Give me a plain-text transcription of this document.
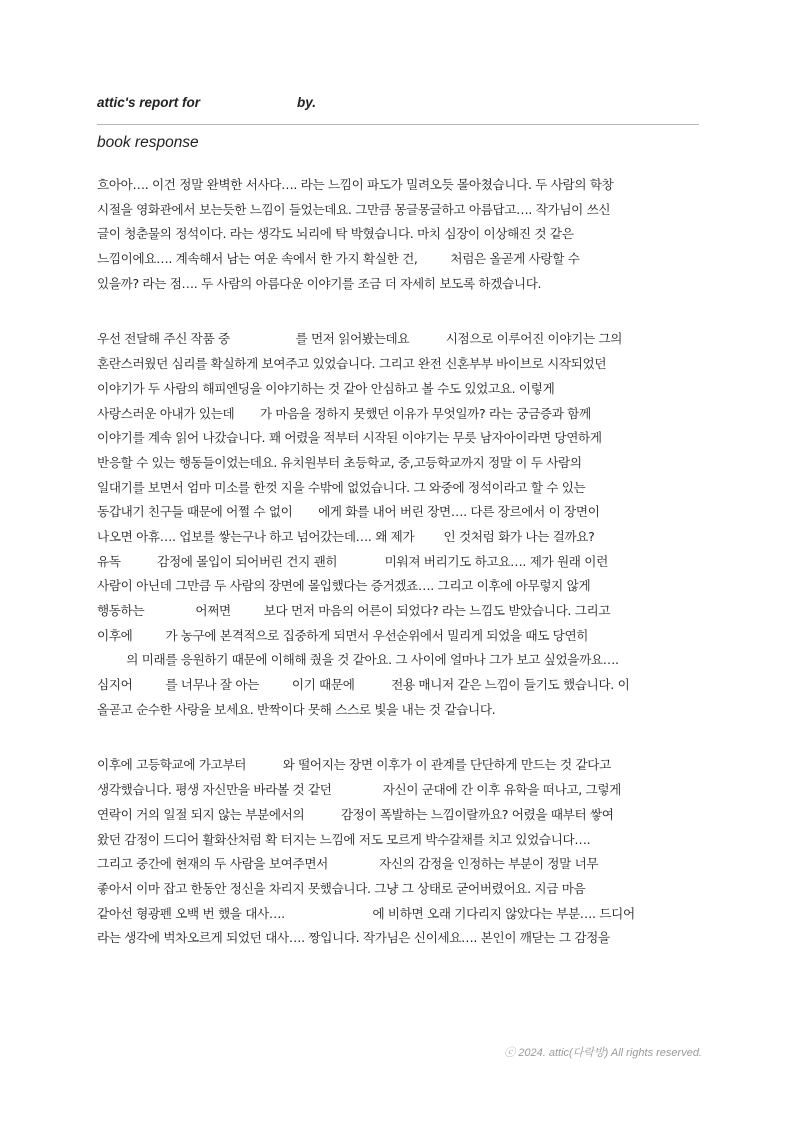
attic's report for	by.
book response
흐아아…. 이건 정말 완벽한 서사다…. 라는 느낌이 파도가 밀려오듯 몰아쳤습니다. 두 사람의 학창
시절을 영화관에서 보는듯한 느낌이 들었는데요. 그만큼 몽글몽글하고 아름답고…. 작가님이 쓰신
글이 청춘물의 정석이다. 라는 생각도 뇌리에 탁 박혔습니다. 마치 심장이 이상해진 것 같은
느낌이에요…. 계속해서 남는 여운 속에서 한 가지 확실한 건,         처럼은 올곧게 사랑할 수
있을까? 라는 점…. 두 사람의 아름다운 이야기를 조금 더 자세히 보도록 하겠습니다.
우선 전달해 주신 작품 중                  를 먼저 읽어봤는데요          시점으로 이루어진 이야기는 그의
혼란스러웠던 심리를 확실하게 보여주고 있었습니다. 그리고 완전 신혼부부 바이브로 시작되었던
이야기가 두 사람의 해피엔딩을 이야기하는 것 같아 안심하고 볼 수도 있었고요. 이렇게
사랑스러운 아내가 있는데       가 마음을 정하지 못했던 이유가 무엇일까? 라는 궁금증과 함께
이야기를 계속 읽어 나갔습니다. 꽤 어렸을 적부터 시작된 이야기는 무릇 남자아이라면 당연하게
반응할 수 있는 행동들이었는데요. 유치원부터 초등학교, 중,고등학교까지 정말 이 두 사람의
일대기를 보면서 엄마 미소를 한껏 지을 수밖에 없었습니다. 그 와중에 정석이라고 할 수 있는
동갑내기 친구들 때문에 어쩔 수 없이       에게 화를 내어 버린 장면…. 다른 장르에서 이 장면이
나오면 아휴…. 업보를 쌓는구나 하고 넘어갔는데…. 왜 제가        인 것처럼 화가 나는 걸까요?
유독          감정에 몰입이 되어버린 건지 괜히             미워져 버리기도 하고요…. 제가 원래 이런
사람이 아닌데 그만큼 두 사람의 장면에 몰입했다는 증거겠죠…. 그리고 이후에 아무렇지 않게
행동하는              어쩌면         보다 먼저 마음의 어른이 되었다? 라는 느낌도 받았습니다. 그리고
이후에         가 농구에 본격적으로 집중하게 되면서 우선순위에서 밀리게 되었을 때도 당연히
의 미래를 응원하기 때문에 이해해 줬을 것 같아요. 그 사이에 얼마나 그가 보고 싶었을까요….
심지어         를 너무나 잘 아는         이기 때문에          전용 매니저 같은 느낌이 들기도 했습니다. 이
올곧고 순수한 사랑을 보세요. 반짝이다 못해 스스로 빛을 내는 것 같습니다.
이후에 고등학교에 가고부터          와 떨어지는 장면 이후가 이 관계를 단단하게 만드는 것 같다고
생각했습니다. 평생 자신만을 바라볼 것 같던              자신이 군대에 간 이후 유학을 떠나고, 그렇게
연락이 거의 일절 되지 않는 부분에서의          감정이 폭발하는 느낌이랄까요? 어렸을 때부터 쌓여
왔던 감정이 드디어 활화산처럼 확 터지는 느낌에 저도 모르게 박수갈채를 치고 있었습니다….
그리고 중간에 현재의 두 사람을 보여주면서              자신의 감정을 인정하는 부분이 정말 너무
좋아서 이마 잡고 한동안 정신을 차리지 못했습니다. 그냥 그 상태로 굳어버렸어요. 지금 마음
같아선 형광펜 오백 번 했을 대사….                        에 비하면 오래 기다리지 않았다는 부분…. 드디어
라는 생각에 벅차오르게 되었던 대사…. 짱입니다. 작가님은 신이세요…. 본인이 깨닫는 그 감정을
ⓒ 2024. attic(다락방) All rights reserved.
